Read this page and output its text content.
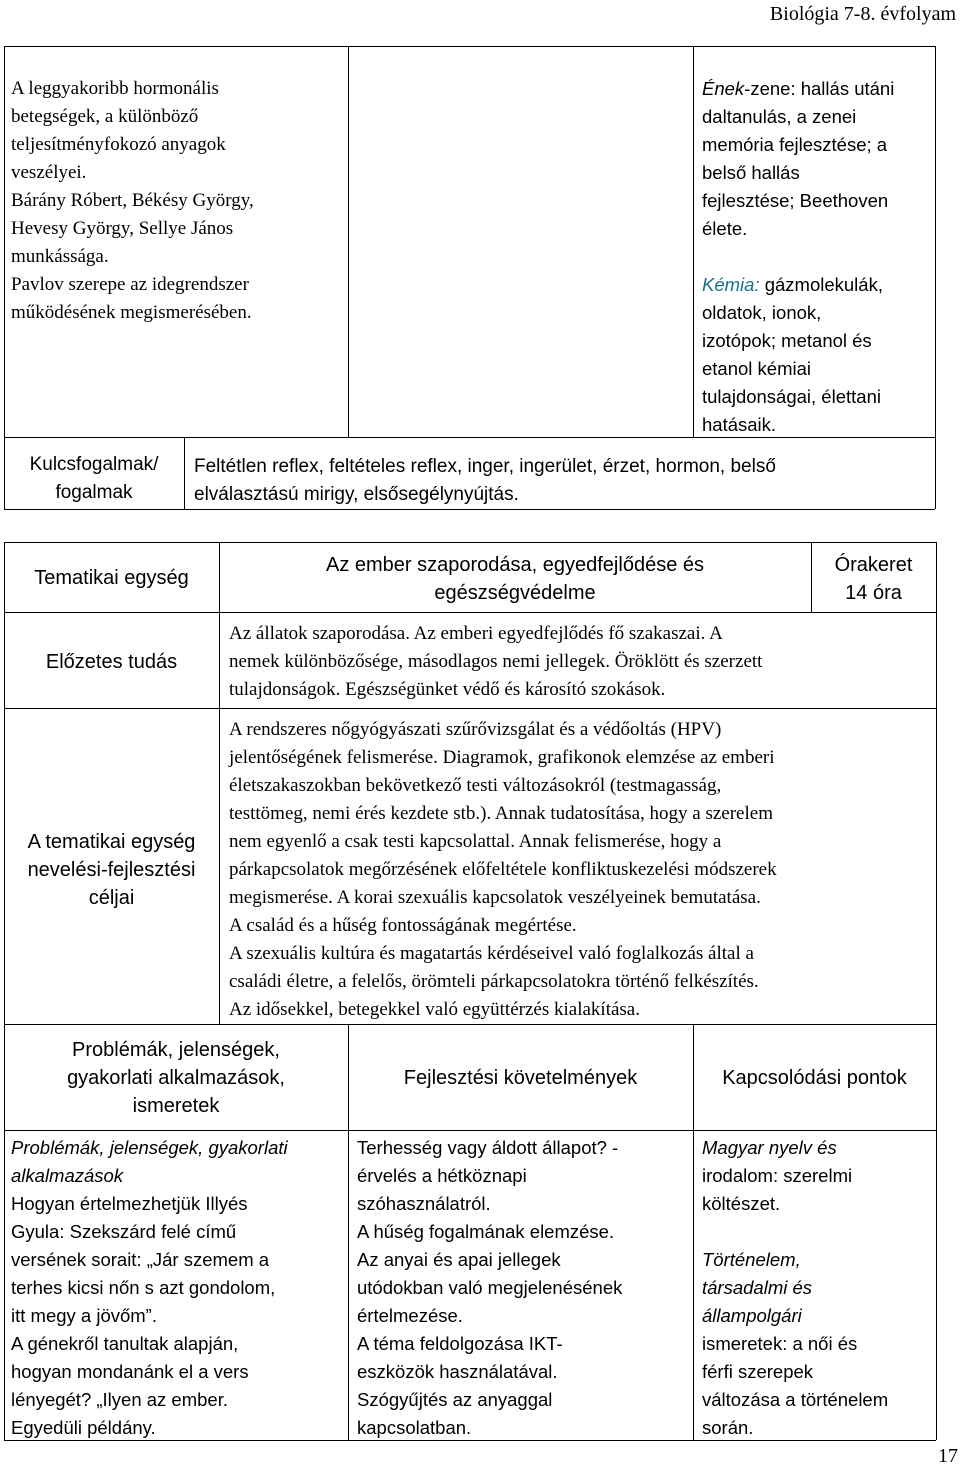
Biológia 7-8. évfolyam
A leggyakoribb hormonális
betegségek, a különböző
teljesítményfokozó anyagok
veszélyei.
Bárány Róbert, Békésy György,
Hevesy György, Sellye János
munkássága.
Pavlov szerepe az idegrendszer
működésének megismerésében.
Ének-zene: hallás utáni
daltanulás, a zenei
memória fejlesztése; a
belső hallás
fejlesztése; Beethoven
élete.
Kémia: gázmolekulák,
oldatok, ionok,
izotópok; metanol és
etanol kémiai
tulajdonságai, élettani
hatásaik.
Kulcsfogalmak/
fogalmak
Feltétlen reflex, feltételes reflex, inger, ingerület, érzet, hormon, belső
elválasztású mirigy, elsősegélynyújtás.
Tematikai egység
Az ember szaporodása, egyedfejlődése és
egészségvédelme
Órakeret
14 óra
Előzetes tudás
Az állatok szaporodása. Az emberi egyedfejlődés fő szakaszai. A
nemek különbözősége, másodlagos nemi jellegek. Öröklött és szerzett
tulajdonságok. Egészségünket védő és károsító szokások.
A tematikai egység
nevelési-fejlesztési
céljai
A rendszeres nőgyógyászati szűrővizsgálat és a védőoltás (HPV)
jelentőségének felismerése. Diagramok, grafikonok elemzése az emberi
életszakaszokban bekövetkező testi változásokról (testmagasság,
testtömeg, nemi érés kezdete stb.). Annak tudatosítása, hogy a szerelem
nem egyenlő a csak testi kapcsolattal. Annak felismerése, hogy a
párkapcsolatok megőrzésének előfeltétele konfliktuskezelési módszerek
megismerése. A korai szexuális kapcsolatok veszélyeinek bemutatása.
A család és a hűség fontosságának megértése.
A szexuális kultúra és magatartás kérdéseivel való foglalkozás által a
családi életre, a felelős, örömteli párkapcsolatokra történő felkészítés.
Az idősekkel, betegekkel való együttérzés kialakítása.
Problémák, jelenségek,
gyakorlati alkalmazások,
ismeretek
Fejlesztési követelmények	Kapcsolódási pontok
Problémák, jelenségek, gyakorlati
alkalmazások
Hogyan értelmezhetjük Illyés
Gyula: Szekszárd felé című
versének sorait: „Jár szemem a
terhes kicsi nőn s azt gondolom,
itt megy a jövőm”.
A génekről tanultak alapján,
hogyan mondanánk el a vers
lényegét? „Ilyen az ember.
Egyedüli példány.
Terhesség vagy áldott állapot? -
érvelés a hétköznapi
szóhasználatról.
A hűség fogalmának elemzése.
Az anyai és apai jellegek
utódokban való megjelenésének
értelmezése.
A téma feldolgozása IKT-
eszközök használatával.
Szógyűjtés az anyaggal
kapcsolatban.
Magyar nyelv és
irodalom: szerelmi
költészet.
Történelem,
társadalmi és
állampolgári
ismeretek: a női és
férfi szerepek
változása a történelem
során.
17
